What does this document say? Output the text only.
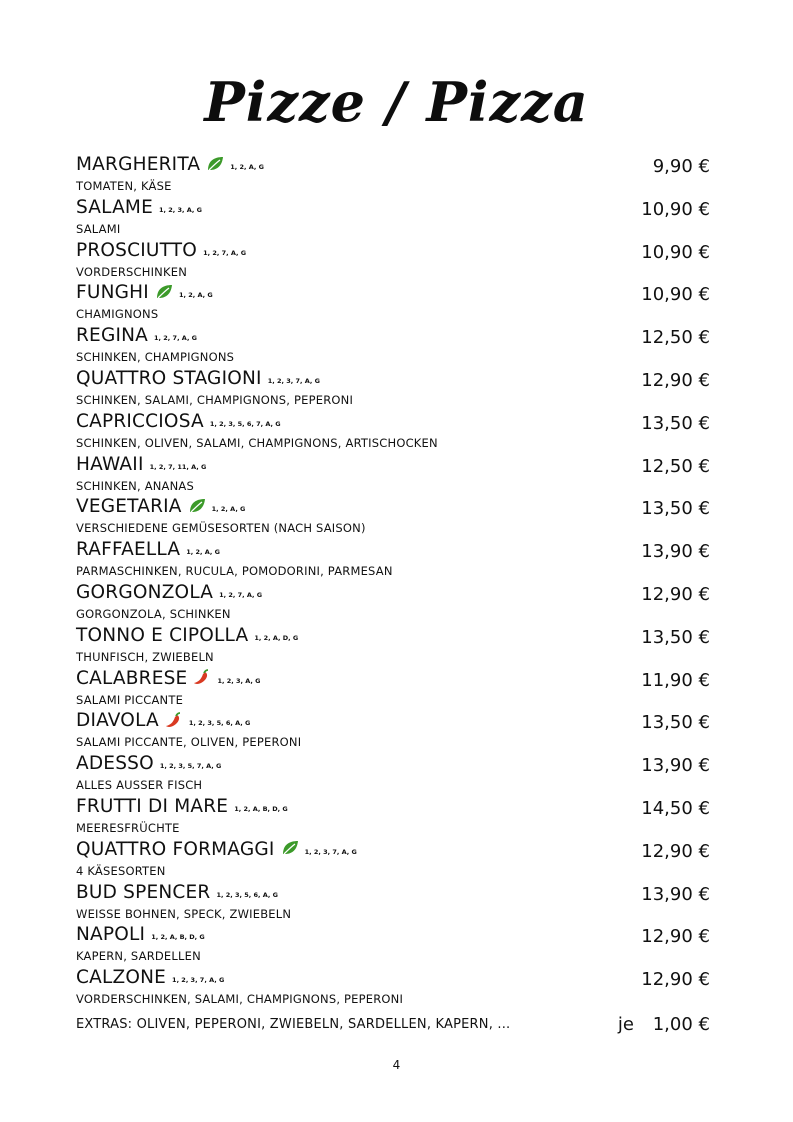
Pizze / Pizza
MARGHERITA	1, 2, A, G
TOMATEN, KÄSE
9,90 €
SALAME 1, 2, 3, A, G
SALAMI
10,90 €
PROSCIUTTO 1, 2, 7, A, G
VORDERSCHINKEN
10,90 €
FUNGHI	1, 2, A, G
CHAMIGNONS
10,90 €
REGINA 1, 2, 7, A, G
SCHINKEN, CHAMPIGNONS
12,50 €
QUATTRO STAGIONI 1, 2, 3, 7, A, G
SCHINKEN, SALAMI, CHAMPIGNONS, PEPERONI
12,90 €
CAPRICCIOSA 1, 2, 3, 5, 6, 7, A, G
SCHINKEN, OLIVEN, SALAMI, CHAMPIGNONS, ARTISCHOCKEN
13,50 €
HAWAII 1, 2, 7, 11, A, G
SCHINKEN, ANANAS
12,50 €
VEGETARIA	1, 2, A, G
VERSCHIEDENE GEMÜSESORTEN (NACH SAISON)
13,50 €
RAFFAELLA 1, 2, A, G
PARMASCHINKEN, RUCULA, POMODORINI, PARMESAN
13,90 €
GORGONZOLA 1, 2, 7, A, G
GORGONZOLA, SCHINKEN
12,90 €
TONNO E CIPOLLA 1, 2, A, D, G
THUNFISCH, ZWIEBELN
13,50 €
CALABRESE	1, 2, 3, A, G
SALAMI PICCANTE
11,90 €
DIAVOLA	1, 2, 3, 5, 6, A, G
SALAMI PICCANTE, OLIVEN, PEPERONI
13,50 €
ADESSO 1, 2, 3, 5, 7, A, G
ALLES AUSSER FISCH
13,90 €
FRUTTI DI MARE 1, 2, A, B, D, G
MEERESFRÜCHTE
14,50 €
QUATTRO FORMAGGI	1, 2, 3, 7, A, G
4 KÄSESORTEN
12,90 €
BUD SPENCER 1, 2, 3, 5, 6, A, G
WEISSE BOHNEN, SPECK, ZWIEBELN
13,90 €
NAPOLI 1, 2, A, B, D, G
KAPERN, SARDELLEN
12,90 €
CALZONE 1, 2, 3, 7, A, G
VORDERSCHINKEN, SALAMI, CHAMPIGNONS, PEPERONI
12,90 €
EXTRAS: OLIVEN, PEPERONI, ZWIEBELN, SARDELLEN, KAPERN, ...	je 1,00 €
4
